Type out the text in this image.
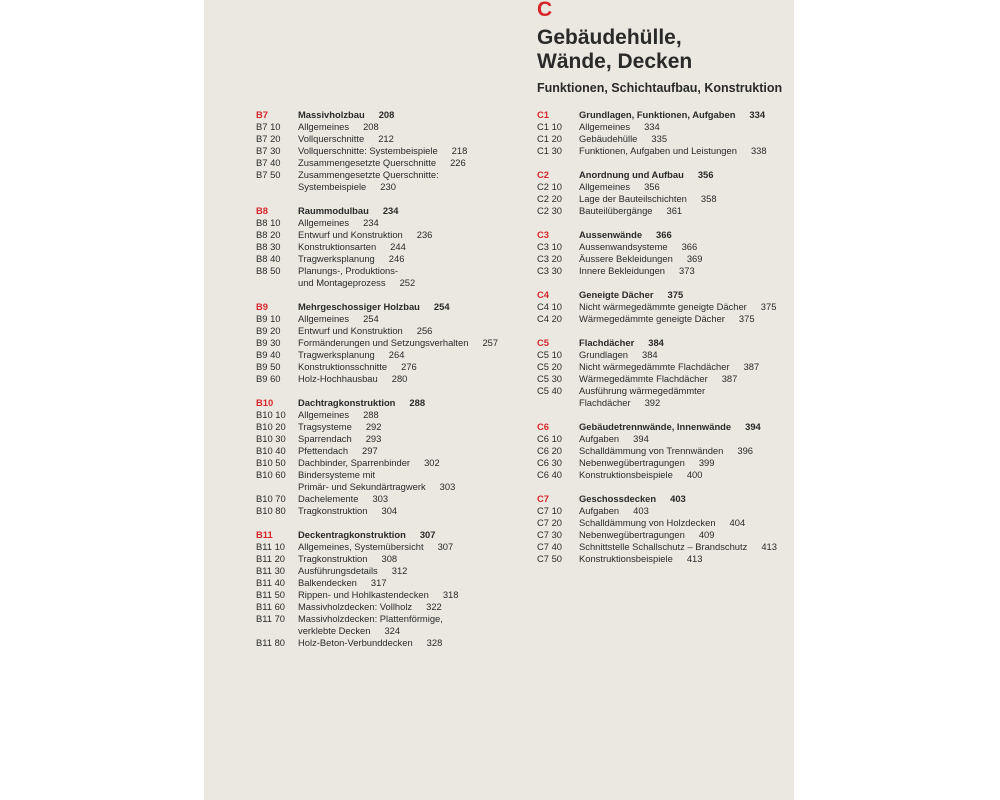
C
Gebäudehülle,
Wände, Decken
Funktionen, Schichtaufbau, Konstruktion
B7	Massivholzbau 208
B7 10	Allgemeines 208
B7 20	Vollquerschnitte 212
B7 30	Vollquerschnitte: Systembeispiele 218
B7 40	Zusammengesetzte Querschnitte 226
B7 50	Zusammengesetzte Querschnitte:
Systembeispiele 230
B8	Raummodulbau 234
B8 10	Allgemeines 234
B8 20	Entwurf und Konstruktion 236
B8 30	Konstruktionsarten 244
B8 40	Tragwerksplanung 246
B8 50	Planungs-, Produktions-
und Montageprozess 252
B9	Mehrgeschossiger Holzbau 254
B9 10	Allgemeines 254
B9 20	Entwurf und Konstruktion 256
B9 30	Formänderungen und Setzungsverhalten 257
B9 40	Tragwerksplanung 264
B9 50	Konstruktionsschnitte 276
B9 60	Holz-Hochhausbau 280
B10	Dachtragkonstruktion 288
B10 10	Allgemeines 288
B10 20	Tragsysteme 292
B10 30	Sparrendach 293
B10 40	Pfettendach 297
B10 50	Dachbinder, Sparrenbinder 302
B10 60	Bindersysteme mit
Primär- und Sekundärtragwerk 303
B10 70	Dachelemente 303
B10 80	Tragkonstruktion 304
B11	Deckentragkonstruktion 307
B11 10	Allgemeines, Systemübersicht 307
B11 20	Tragkonstruktion 308
B11 30	Ausführungsdetails 312
B11 40	Balkendecken 317
B11 50	Rippen- und Hohlkastendecken 318
B11 60	Massivholzdecken: Vollholz 322
B11 70	Massivholzdecken: Plattenförmige,
verklebte Decken 324
B11 80	Holz-Beton-Verbunddecken 328
C1	Grundlagen, Funktionen, Aufgaben 334
C1 10	Allgemeines 334
C1 20	Gebäudehülle 335
C1 30	Funktionen, Aufgaben und Leistungen 338
C2	Anordnung und Aufbau 356
C2 10	Allgemeines 356
C2 20	Lage der Bauteilschichten 358
C2 30	Bauteilübergänge 361
C3	Aussenwände 366
C3 10	Aussenwandsysteme 366
C3 20	Äussere Bekleidungen 369
C3 30	Innere Bekleidungen 373
C4	Geneigte Dächer 375
C4 10	Nicht wärmegedämmte geneigte Dächer 375
C4 20	Wärmegedämmte geneigte Dächer 375
C5	Flachdächer 384
C5 10	Grundlagen 384
C5 20	Nicht wärmegedämmte Flachdächer 387
C5 30	Wärmegedämmte Flachdächer 387
C5 40	Ausführung wärmegedämmter
Flachdächer 392
C6	Gebäudetrennwände, Innenwände 394
C6 10	Aufgaben 394
C6 20	Schalldämmung von Trennwänden 396
C6 30	Nebenwegübertragungen 399
C6 40	Konstruktionsbeispiele 400
C7	Geschossdecken 403
C7 10	Aufgaben 403
C7 20	Schalldämmung von Holzdecken 404
C7 30	Nebenwegübertragungen 409
C7 40	Schnittstelle Schallschutz – Brandschutz 413
C7 50	Konstruktionsbeispiele 413
